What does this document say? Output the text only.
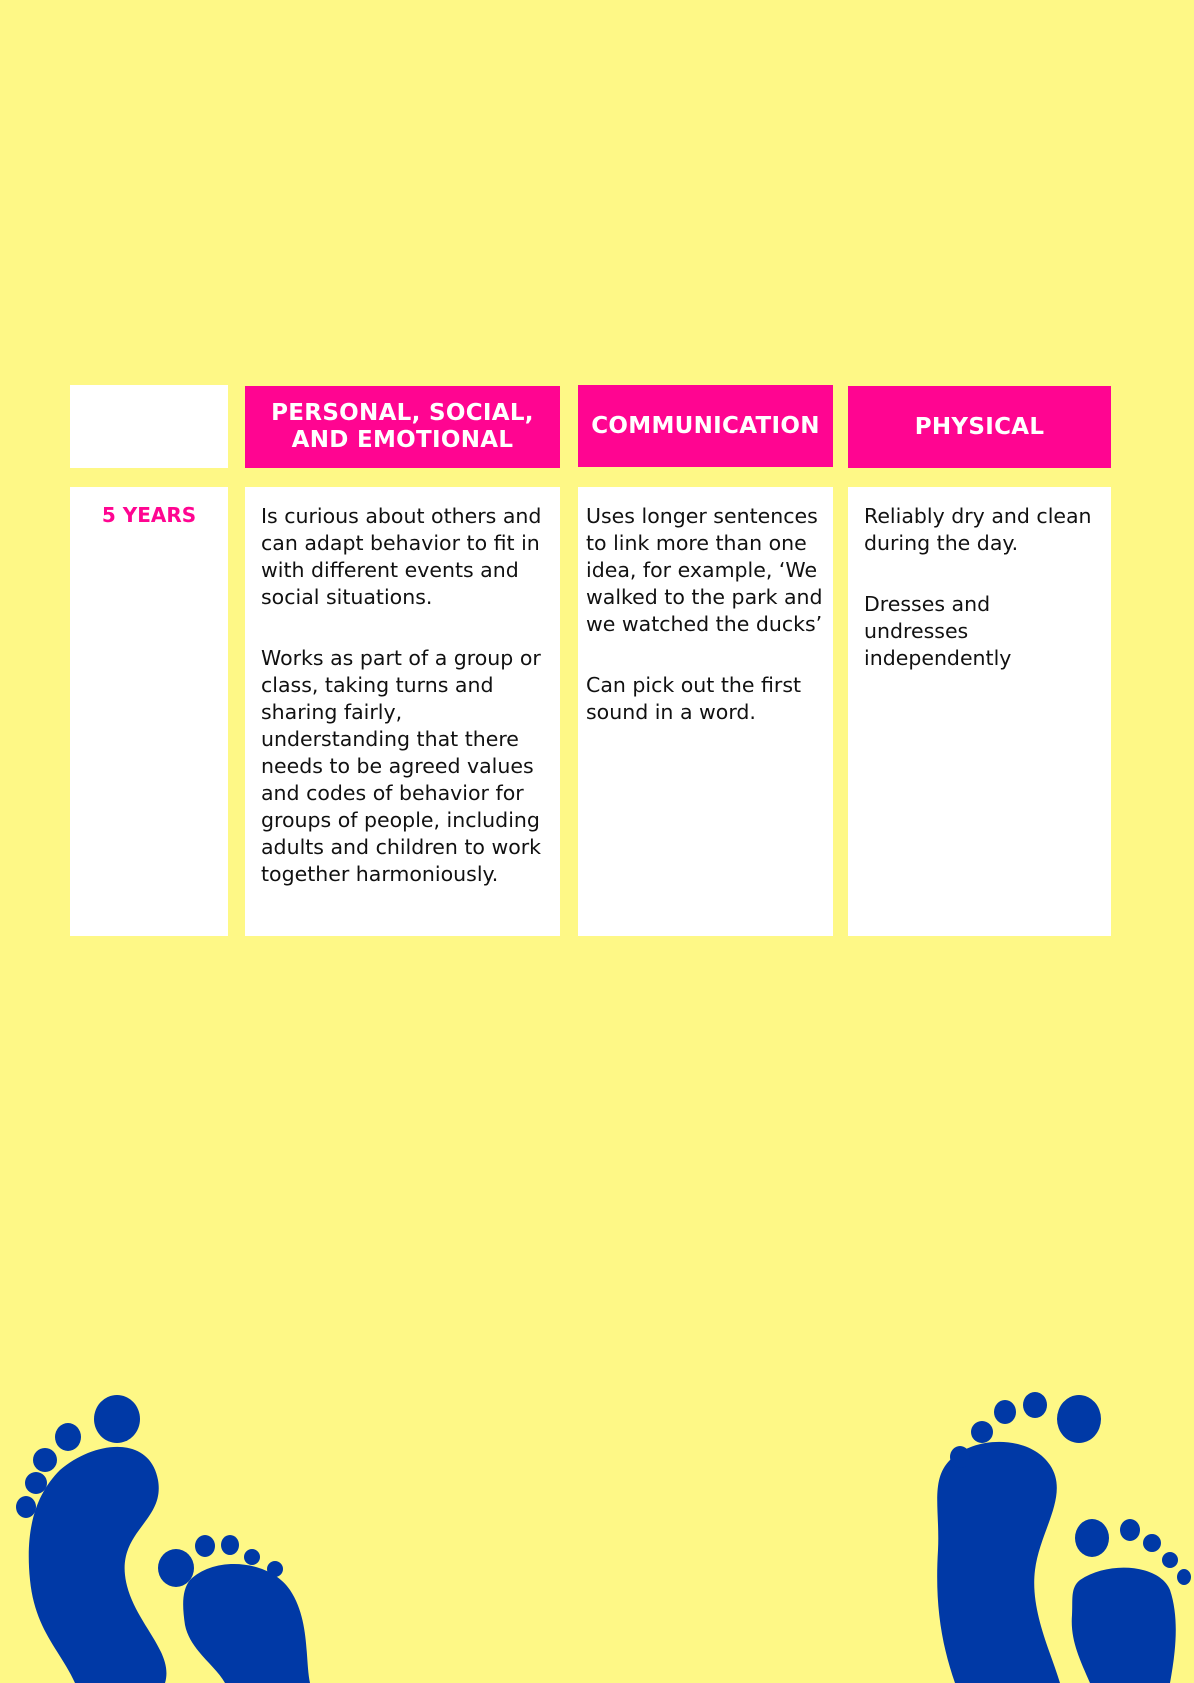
PERSONAL, SOCIAL,
AND EMOTIONAL
COMMUNICATION	PHYSICAL
5 YEARS	Is curious about others and can adapt behavior to fit in with different events and social situations.

Works as part of a group or class, taking turns and sharing fairly, understanding that there needs to be agreed values and codes of behavior for groups of people, including adults and children to work together harmoniously.

Uses longer sentences to link more than one idea, for example, ‘We walked to the park and we watched the ducks’

Can pick out the first sound in a word.

Reliably dry and clean during the day.

Dresses and undresses independently
